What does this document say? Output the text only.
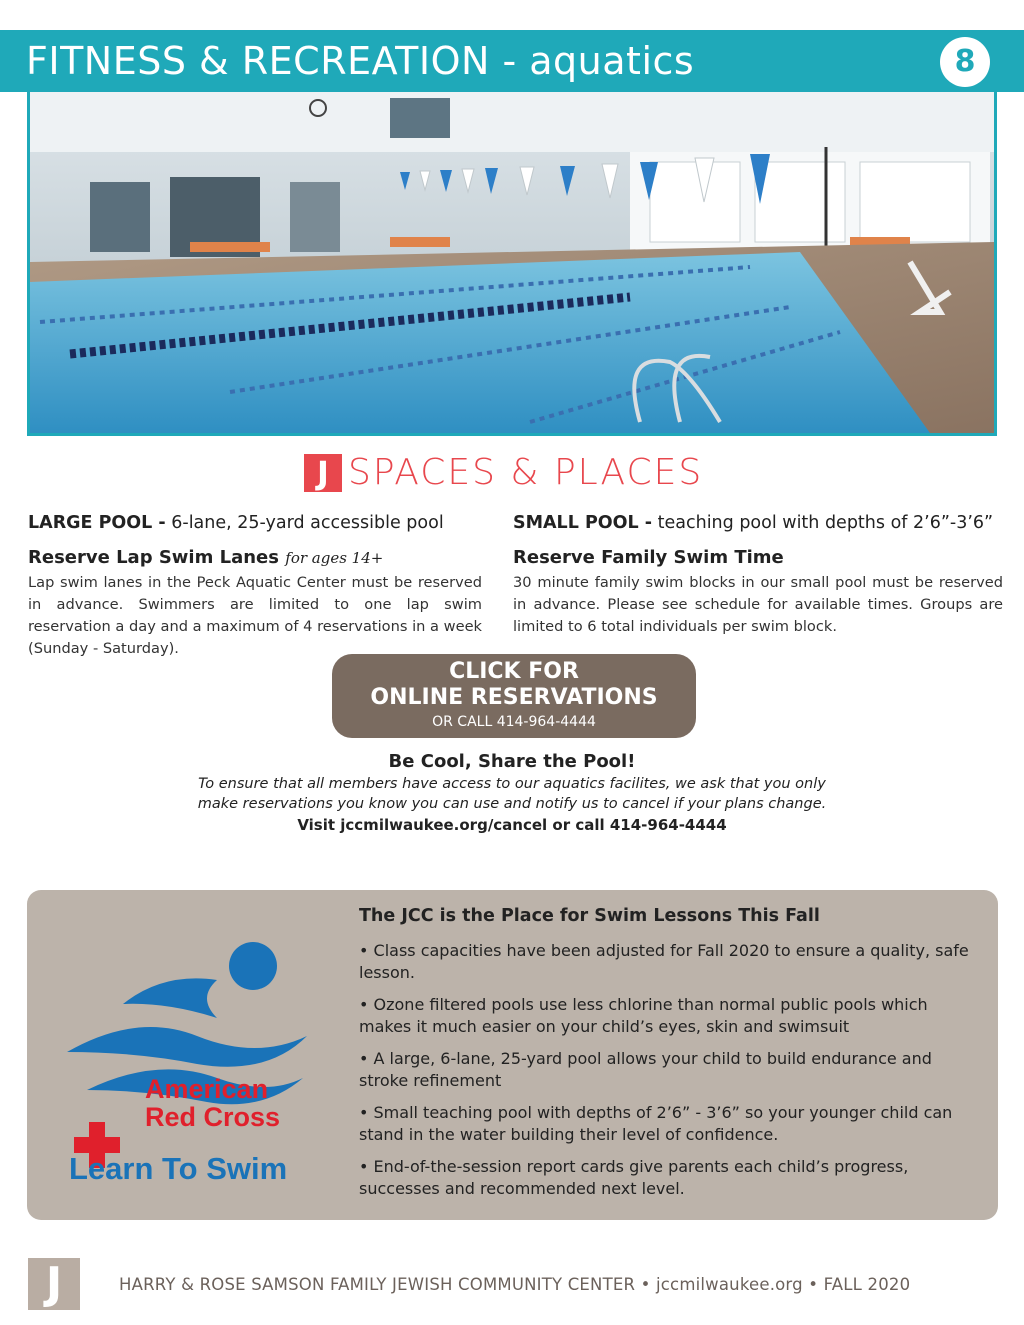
FITNESS & RECREATION - aquatics	8
J SPACES & PLACES
LARGE POOL - 6-lane, 25-yard accessible pool
Reserve Lap Swim Lanes for ages 14+
Lap swim lanes in the Peck Aquatic Center must be reserved in advance. Swimmers are limited to one lap swim reservation a day and a maximum of 4 reservations in a week (Sunday - Saturday).
SMALL POOL - teaching pool with depths of 2’6”-3’6”
Reserve Family Swim Time
30 minute family swim blocks in our small pool must be reserved in advance. Please see schedule for available times. Groups are limited to 6 total individuals per swim block.
CLICK FOR
ONLINE RESERVATIONS
OR CALL 414-964-4444
Be Cool, Share the Pool!
To ensure that all members have access to our aquatics facilites, we ask that you only
make reservations you know you can use and notify us to cancel if your plans change.
Visit jccmilwaukee.org/cancel or call 414-964-4444
American
Red Cross
Learn To Swim
The JCC is the Place for Swim Lessons This Fall
• Class capacities have been adjusted for Fall 2020 to ensure a quality, safe lesson.
• Ozone filtered pools use less chlorine than normal public pools which makes it much easier on your child’s eyes, skin and swimsuit
• A large, 6-lane, 25-yard pool allows your child to build endurance and stroke refinement
• Small teaching pool with depths of 2’6” - 3’6” so your younger child can stand in the water building their level of confidence.
• End-of-the-session report cards give parents each child’s progress, successes and recommended next level.
J	HARRY & ROSE SAMSON FAMILY JEWISH COMMUNITY CENTER • jccmilwaukee.org • FALL 2020
